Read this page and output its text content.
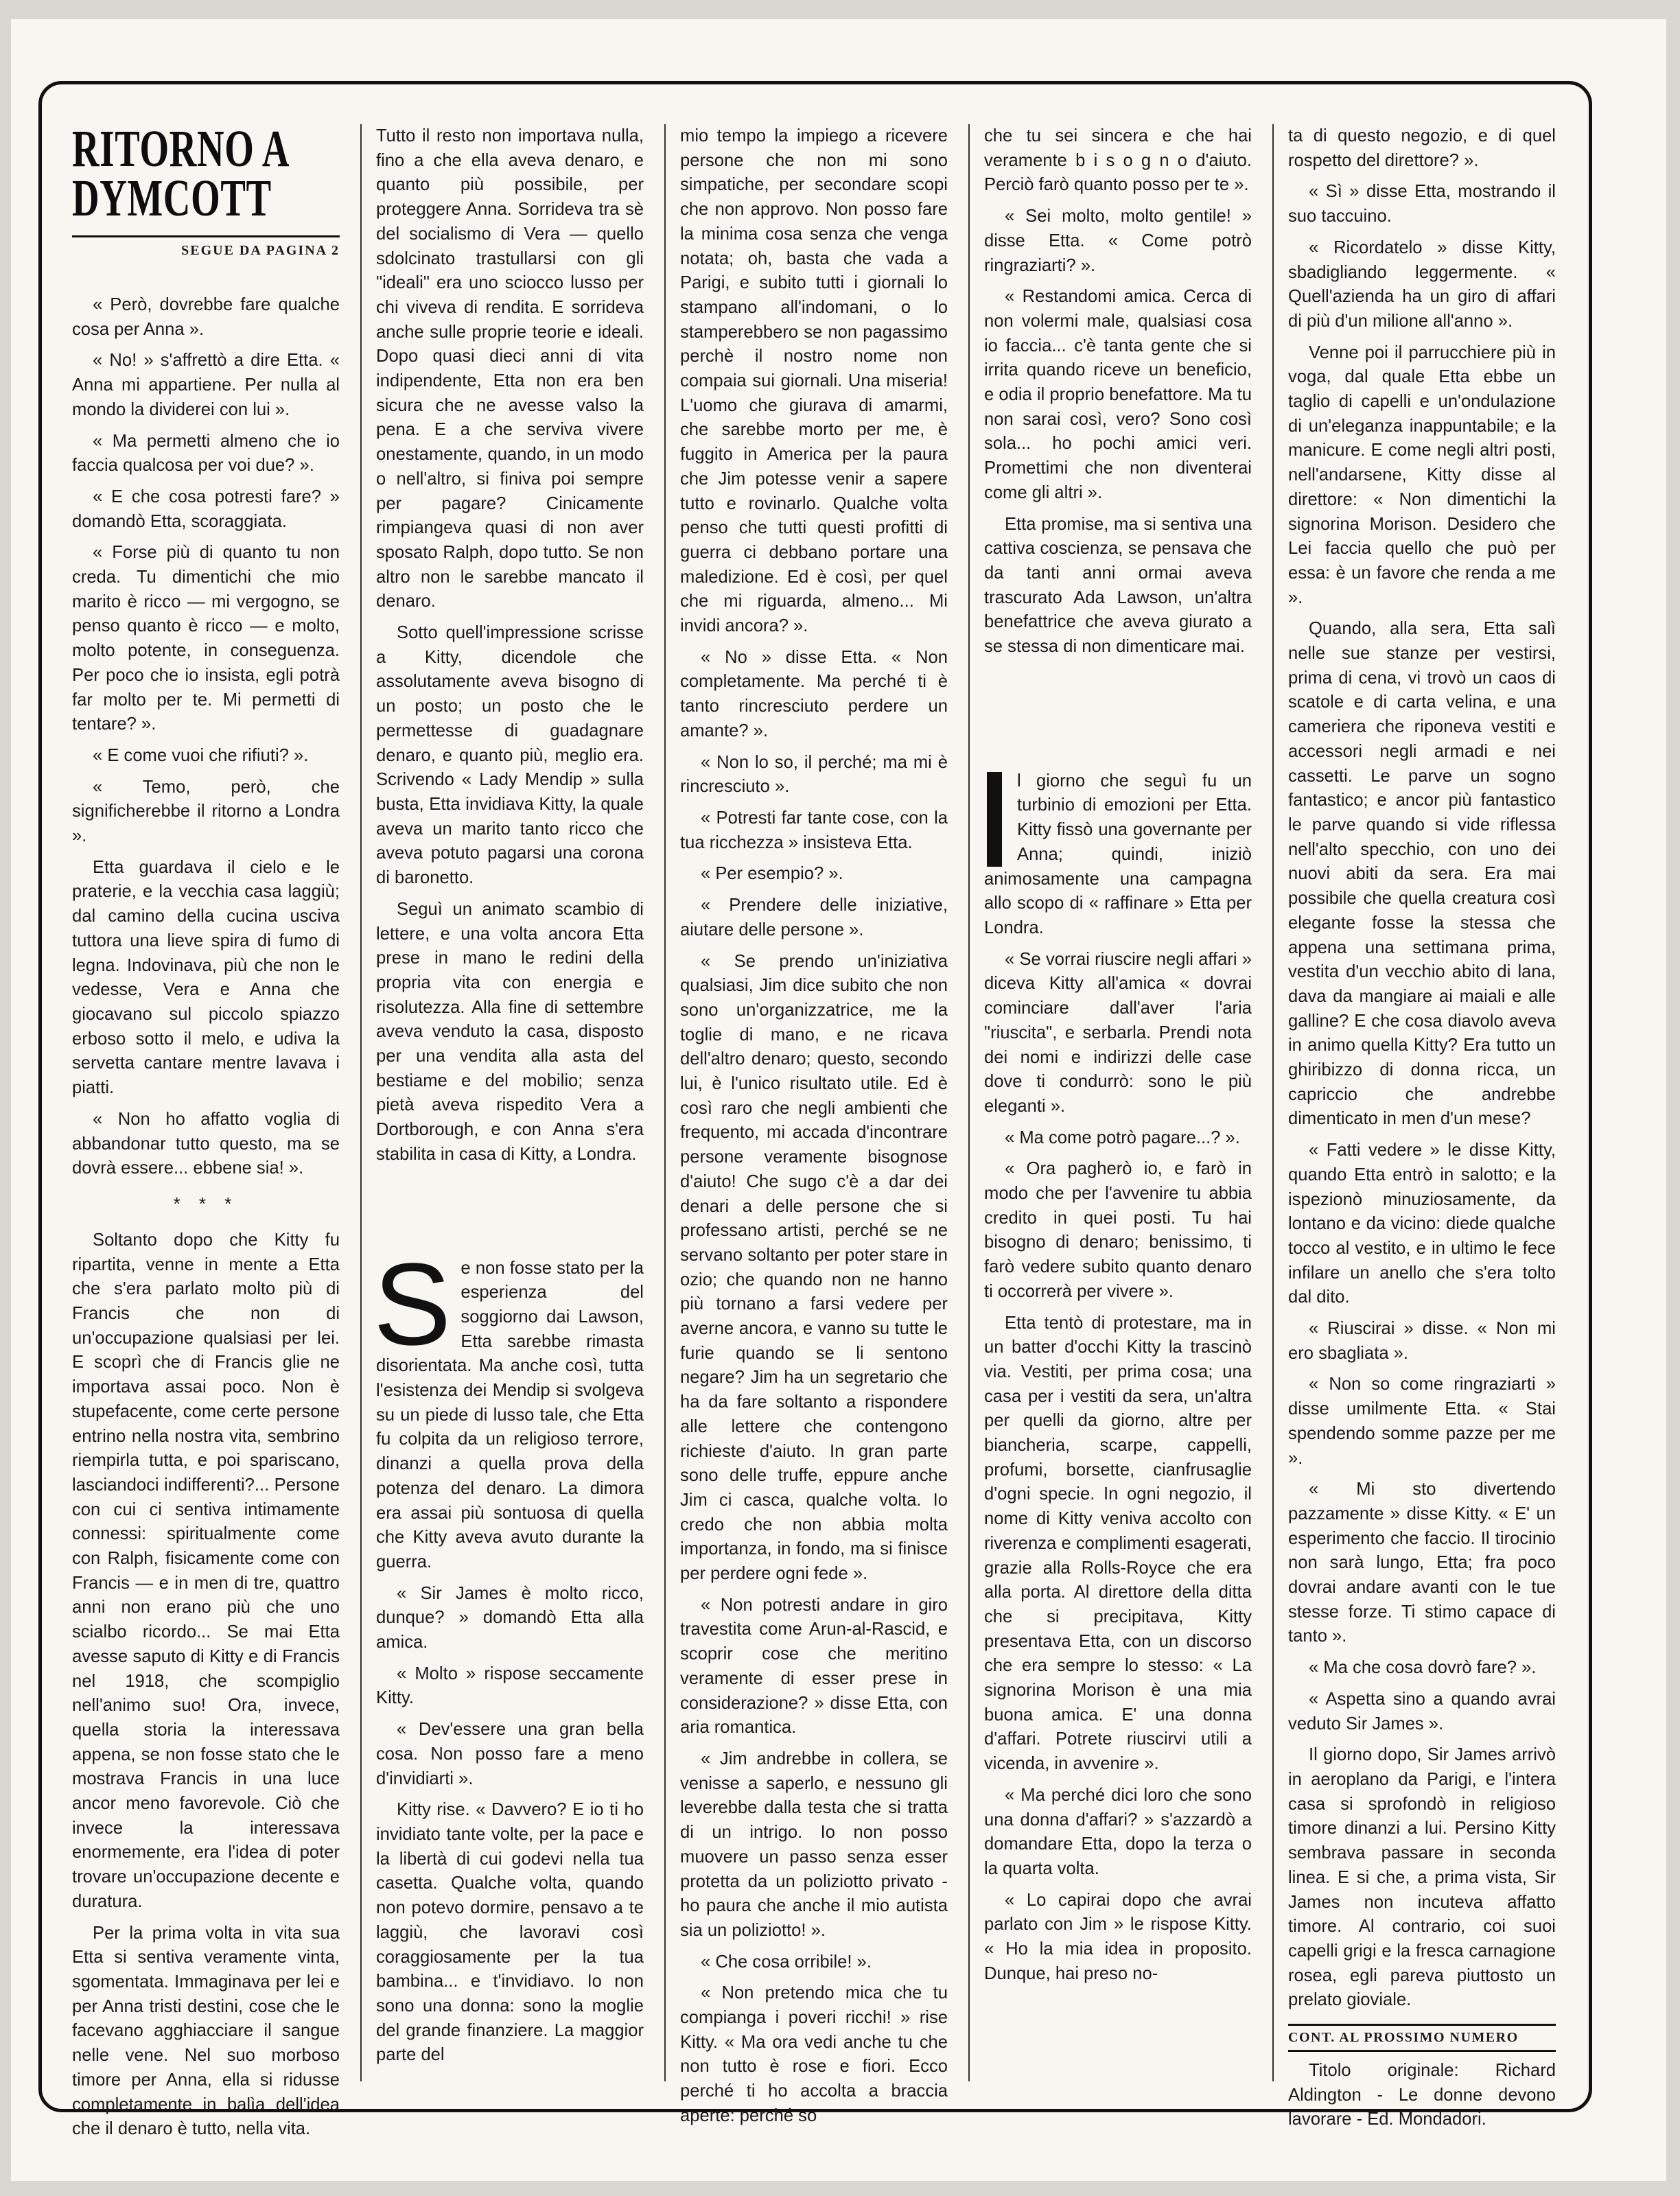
RITORNO A
DYMCOTT
SEGUE DA PAGINA 2

« Però, dovrebbe fare qualche cosa per Anna ».

« No! » s'affrettò a dire Etta. « Anna mi appartiene. Per nulla al mondo la dividerei con lui ».

« Ma permetti almeno che io faccia qualcosa per voi due? ».

« E che cosa potresti fare? » domandò Etta, scoraggiata.

« Forse più di quanto tu non creda. Tu dimentichi che mio marito è ricco — mi vergogno, se penso quanto è ricco — e molto, molto potente, in conseguenza. Per poco che io insista, egli potrà far molto per te. Mi permetti di tentare? ».

« E come vuoi che rifiuti? ».

« Temo, però, che significherebbe il ritorno a Londra ».

Etta guardava il cielo e le praterie, e la vecchia casa laggiù; dal camino della cucina usciva tuttora una lieve spira di fumo di legna. Indovinava, più che non le vedesse, Vera e Anna che giocavano sul piccolo spiazzo erboso sotto il melo, e udiva la servetta cantare mentre lavava i piatti.

« Non ho affatto voglia di abbandonar tutto questo, ma se dovrà essere... ebbene sia! ».

* * *

Soltanto dopo che Kitty fu ripartita, venne in mente a Etta che s'era parlato molto più di Francis che non di un'occupazione qualsiasi per lei. E scoprì che di Francis glie ne importava assai poco. Non è stupefacente, come certe persone entrino nella nostra vita, sembrino riempirla tutta, e poi spariscano, lasciandoci indifferenti?... Persone con cui ci sentiva intimamente connessi: spiritualmente come con Ralph, fisicamente come con Francis — e in men di tre, quattro anni non erano più che uno scialbo ricordo... Se mai Etta avesse saputo di Kitty e di Francis nel 1918, che scompiglio nell'animo suo! Ora, invece, quella storia la interessava appena, se non fosse stato che le mostrava Francis in una luce ancor meno favorevole. Ciò che invece la interessava enormemente, era l'idea di poter trovare un'occupazione decente e duratura.

Per la prima volta in vita sua Etta si sentiva veramente vinta, sgomentata. Immaginava per lei e per Anna tristi destini, cose che le facevano agghiacciare il sangue nelle vene. Nel suo morboso timore per Anna, ella si ridusse completamente in balìa dell'idea che il denaro è tutto, nella vita.

Tutto il resto non importava nulla, fino a che ella aveva denaro, e quanto più possibile, per proteggere Anna. Sorrideva tra sè del socialismo di Vera — quello sdolcinato trastullarsi con gli "ideali" era uno sciocco lusso per chi viveva di rendita. E sorrideva anche sulle proprie teorie e ideali. Dopo quasi dieci anni di vita indipendente, Etta non era ben sicura che ne avesse valso la pena. E a che serviva vivere onestamente, quando, in un modo o nell'altro, si finiva poi sempre per pagare? Cinicamente rimpiangeva quasi di non aver sposato Ralph, dopo tutto. Se non altro non le sarebbe mancato il denaro.

Sotto quell'impressione scrisse a Kitty, dicendole che assolutamente aveva bisogno di un posto; un posto che le permettesse di guadagnare denaro, e quanto più, meglio era. Scrivendo « Lady Mendip » sulla busta, Etta invidiava Kitty, la quale aveva un marito tanto ricco che aveva potuto pagarsi una corona di baronetto.

Seguì un animato scambio di lettere, e una volta ancora Etta prese in mano le redini della propria vita con energia e risolutezza. Alla fine di settembre aveva venduto la casa, disposto per una vendita alla asta del bestiame e del mobilio; senza pietà aveva rispedito Vera a Dortborough, e con Anna s'era stabilita in casa di Kitty, a Londra.

Se non fosse stato per la esperienza del soggiorno dai Lawson, Etta sarebbe rimasta disorientata. Ma anche così, tutta l'esistenza dei Mendip si svolgeva su un piede di lusso tale, che Etta fu colpita da un religioso terrore, dinanzi a quella prova della potenza del denaro. La dimora era assai più sontuosa di quella che Kitty aveva avuto durante la guerra.

« Sir James è molto ricco, dunque? » domandò Etta alla amica.

« Molto » rispose seccamente Kitty.

« Dev'essere una gran bella cosa. Non posso fare a meno d'invidiarti ».

Kitty rise. « Davvero? E io ti ho invidiato tante volte, per la pace e la libertà di cui godevi nella tua casetta. Qualche volta, quando non potevo dormire, pensavo a te laggiù, che lavoravi così coraggiosamente per la tua bambina... e t'invidiavo. Io non sono una donna: sono la moglie del grande finanziere. La maggior parte del

mio tempo la impiego a ricevere persone che non mi sono simpatiche, per secondare scopi che non approvo. Non posso fare la minima cosa senza che venga notata; oh, basta che vada a Parigi, e subito tutti i giornali lo stampano all'indomani, o lo stamperebbero se non pagassimo perchè il nostro nome non compaia sui giornali. Una miseria! L'uomo che giurava di amarmi, che sarebbe morto per me, è fuggito in America per la paura che Jim potesse venir a sapere tutto e rovinarlo. Qualche volta penso che tutti questi profitti di guerra ci debbano portare una maledizione. Ed è così, per quel che mi riguarda, almeno... Mi invidi ancora? ».

« No » disse Etta. « Non completamente. Ma perché ti è tanto rincresciuto perdere un amante? ».

« Non lo so, il perché; ma mi è rincresciuto ».

« Potresti far tante cose, con la tua ricchezza » insisteva Etta.

« Per esempio? ».

« Prendere delle iniziative, aiutare delle persone ».

« Se prendo un'iniziativa qualsiasi, Jim dice subito che non sono un'organizzatrice, me la toglie di mano, e ne ricava dell'altro denaro; questo, secondo lui, è l'unico risultato utile. Ed è così raro che negli ambienti che frequento, mi accada d'incontrare persone veramente bisognose d'aiuto! Che sugo c'è a dar dei denari a delle persone che si professano artisti, perché se ne servano soltanto per poter stare in ozio; che quando non ne hanno più tornano a farsi vedere per averne ancora, e vanno su tutte le furie quando se li sentono negare? Jim ha un segretario che ha da fare soltanto a rispondere alle lettere che contengono richieste d'aiuto. In gran parte sono delle truffe, eppure anche Jim ci casca, qualche volta. Io credo che non abbia molta importanza, in fondo, ma si finisce per perdere ogni fede ».

« Non potresti andare in giro travestita come Arun-al-Rascid, e scoprir cose che meritino veramente di esser prese in considerazione? » disse Etta, con aria romantica.

« Jim andrebbe in collera, se venisse a saperlo, e nessuno gli leverebbe dalla testa che si tratta di un intrigo. Io non posso muovere un passo senza esser protetta da un poliziotto privato - ho paura che anche il mio autista sia un poliziotto! ».

« Che cosa orribile! ».

« Non pretendo mica che tu compianga i poveri ricchi! » rise Kitty. « Ma ora vedi anche tu che non tutto è rose e fiori. Ecco perché ti ho accolta a braccia aperte: perché so

che tu sei sincera e che hai veramente b i s o g n o d'aiuto. Perciò farò quanto posso per te ».

« Sei molto, molto gentile! » disse Etta. « Come potrò ringraziarti? ».

« Restandomi amica. Cerca di non volermi male, qualsiasi cosa io faccia... c'è tanta gente che si irrita quando riceve un beneficio, e odia il proprio benefattore. Ma tu non sarai così, vero? Sono così sola... ho pochi amici veri. Promettimi che non diventerai come gli altri ».

Etta promise, ma si sentiva una cattiva coscienza, se pensava che da tanti anni ormai aveva trascurato Ada Lawson, un'altra benefattrice che aveva giurato a se stessa di non dimenticare mai.

l giorno che seguì fu un turbinio di emozioni per Etta. Kitty fissò una governante per Anna; quindi, iniziò animosamente una campagna allo scopo di « raffinare » Etta per Londra.

« Se vorrai riuscire negli affari » diceva Kitty all'amica « dovrai cominciare dall'aver l'aria "riuscita", e serbarla. Prendi nota dei nomi e indirizzi delle case dove ti condurrò: sono le più eleganti ».

« Ma come potrò pagare...? ».

« Ora pagherò io, e farò in modo che per l'avvenire tu abbia credito in quei posti. Tu hai bisogno di denaro; benissimo, ti farò vedere subito quanto denaro ti occorrerà per vivere ».

Etta tentò di protestare, ma in un batter d'occhi Kitty la trascinò via. Vestiti, per prima cosa; una casa per i vestiti da sera, un'altra per quelli da giorno, altre per biancheria, scarpe, cappelli, profumi, borsette, cianfrusaglie d'ogni specie. In ogni negozio, il nome di Kitty veniva accolto con riverenza e complimenti esagerati, grazie alla Rolls-Royce che era alla porta. Al direttore della ditta che si precipitava, Kitty presentava Etta, con un discorso che era sempre lo stesso: « La signorina Morison è una mia buona amica. E' una donna d'affari. Potrete riuscirvi utili a vicenda, in avvenire ».

« Ma perché dici loro che sono una donna d'affari? » s'azzardò a domandare Etta, dopo la terza o la quarta volta.

« Lo capirai dopo che avrai parlato con Jim » le rispose Kitty. « Ho la mia idea in proposito. Dunque, hai preso no-

ta di questo negozio, e di quel rospetto del direttore? ».

« Sì » disse Etta, mostrando il suo taccuino.

« Ricordatelo » disse Kitty, sbadigliando leggermente. « Quell'azienda ha un giro di affari di più d'un milione all'anno ».

Venne poi il parrucchiere più in voga, dal quale Etta ebbe un taglio di capelli e un'ondulazione di un'eleganza inappuntabile; e la manicure. E come negli altri posti, nell'andarsene, Kitty disse al direttore: « Non dimentichi la signorina Morison. Desidero che Lei faccia quello che può per essa: è un favore che renda a me ».

Quando, alla sera, Etta salì nelle sue stanze per vestirsi, prima di cena, vi trovò un caos di scatole e di carta velina, e una cameriera che riponeva vestiti e accessori negli armadi e nei cassetti. Le parve un sogno fantastico; e ancor più fantastico le parve quando si vide riflessa nell'alto specchio, con uno dei nuovi abiti da sera. Era mai possibile che quella creatura così elegante fosse la stessa che appena una settimana prima, vestita d'un vecchio abito di lana, dava da mangiare ai maiali e alle galline? E che cosa diavolo aveva in animo quella Kitty? Era tutto un ghiribizzo di donna ricca, un capriccio che andrebbe dimenticato in men d'un mese?

« Fatti vedere » le disse Kitty, quando Etta entrò in salotto; e la ispezionò minuziosamente, da lontano e da vicino: diede qualche tocco al vestito, e in ultimo le fece infilare un anello che s'era tolto dal dito.

« Riuscirai » disse. « Non mi ero sbagliata ».

« Non so come ringraziarti » disse umilmente Etta. « Stai spendendo somme pazze per me ».

« Mi sto divertendo pazzamente » disse Kitty. « E' un esperimento che faccio. Il tirocinio non sarà lungo, Etta; fra poco dovrai andare avanti con le tue stesse forze. Ti stimo capace di tanto ».

« Ma che cosa dovrò fare? ».

« Aspetta sino a quando avrai veduto Sir James ».

Il giorno dopo, Sir James arrivò in aeroplano da Parigi, e l'intera casa si sprofondò in religioso timore dinanzi a lui. Persino Kitty sembrava passare in seconda linea. E si che, a prima vista, Sir James non incuteva affatto timore. Al contrario, coi suoi capelli grigi e la fresca carnagione rosea, egli pareva piuttosto un prelato gioviale.

CONT. AL PROSSIMO NUMERO

Titolo originale: Richard Aldington - Le donne devono lavorare - Ed. Mondadori.
